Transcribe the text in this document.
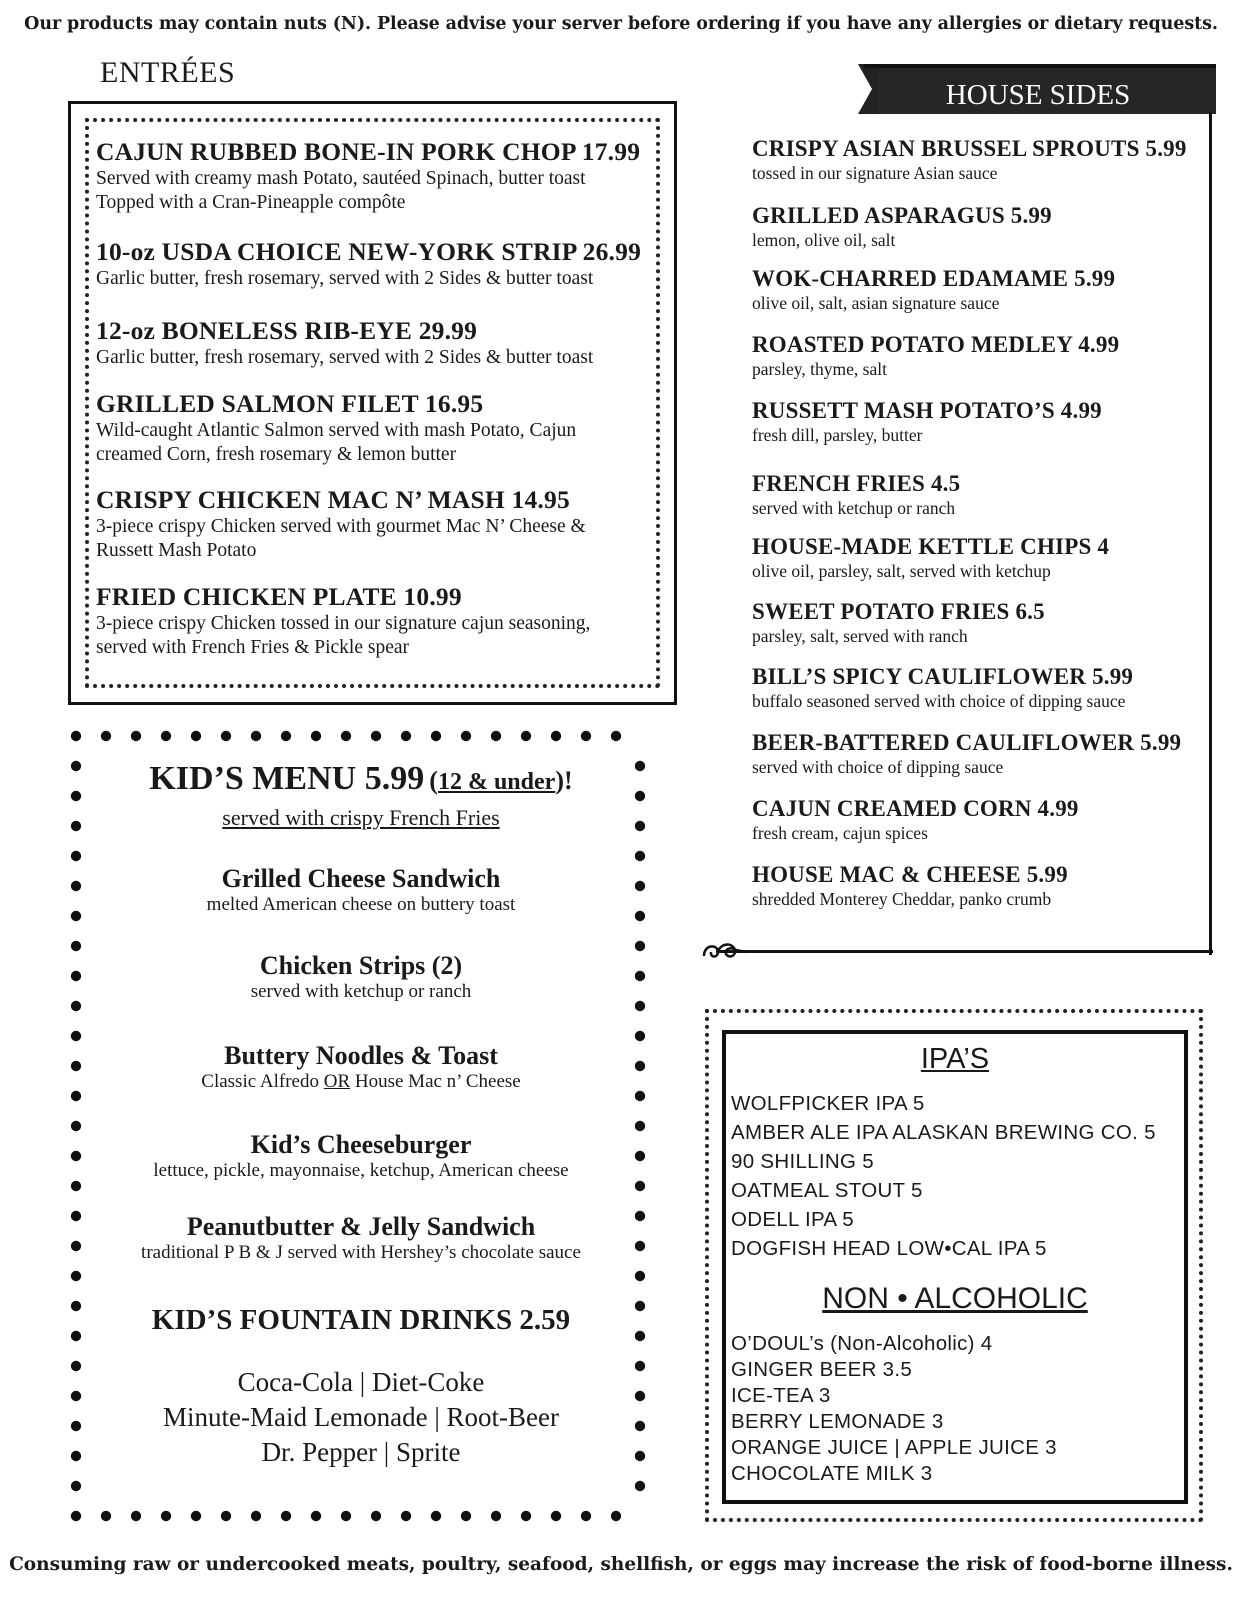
Our products may contain nuts (N). Please advise your server before ordering if you have any allergies or dietary requests.
Consuming raw or undercooked meats, poultry, seafood, shellfish, or eggs may increase the risk of food-borne illness.
ENTRÉES
CAJUN RUBBED BONE-IN PORK CHOP 17.99
Served with creamy mash Potato, sautéed Spinach, butter toast
Topped with a Cran-Pineapple compôte
10-oz USDA CHOICE NEW-YORK STRIP 26.99
Garlic butter, fresh rosemary, served with 2 Sides & butter toast
12-oz BONELESS RIB-EYE 29.99
Garlic butter, fresh rosemary, served with 2 Sides & butter toast
GRILLED SALMON FILET 16.95
Wild-caught Atlantic Salmon served with mash Potato, Cajun
creamed Corn, fresh rosemary & lemon butter
CRISPY CHICKEN MAC N’ MASH 14.95
3-piece crispy Chicken served with gourmet Mac N’ Cheese &
Russett Mash Potato
FRIED CHICKEN PLATE 10.99
3-piece crispy Chicken tossed in our signature cajun seasoning,
served with French Fries & Pickle spear
HOUSE SIDES
CRISPY ASIAN BRUSSEL SPROUTS 5.99
tossed in our signature Asian sauce
GRILLED ASPARAGUS 5.99
lemon, olive oil, salt
WOK-CHARRED EDAMAME 5.99
olive oil, salt, asian signature sauce
ROASTED POTATO MEDLEY 4.99
parsley, thyme, salt
RUSSETT MASH POTATO’S 4.99
fresh dill, parsley, butter
FRENCH FRIES 4.5
served with ketchup or ranch
HOUSE-MADE KETTLE CHIPS 4
olive oil, parsley, salt, served with ketchup
SWEET POTATO FRIES 6.5
parsley, salt, served with ranch
BILL’S SPICY CAULIFLOWER 5.99
buffalo seasoned served with choice of dipping sauce
BEER-BATTERED CAULIFLOWER 5.99
served with choice of dipping sauce
CAJUN CREAMED CORN 4.99
fresh cream, cajun spices
HOUSE MAC & CHEESE 5.99
shredded Monterey Cheddar, panko crumb
KID’S MENU 5.99 (12 & under)!
served with crispy French Fries
Grilled Cheese Sandwich
melted American cheese on buttery toast
Chicken Strips (2)
served with ketchup or ranch
Buttery Noodles & Toast
Classic Alfredo OR House Mac n’ Cheese
Kid’s Cheeseburger
lettuce, pickle, mayonnaise, ketchup, American cheese
Peanutbutter & Jelly Sandwich
traditional P B & J served with Hershey’s chocolate sauce
KID’S FOUNTAIN DRINKS 2.59
Coca-Cola | Diet-Coke
Minute-Maid Lemonade | Root-Beer
Dr. Pepper | Sprite
IPA’S
WOLFPICKER IPA 5
AMBER ALE IPA ALASKAN BREWING CO. 5
90 SHILLING 5
OATMEAL STOUT 5
ODELL IPA 5
DOGFISH HEAD LOW•CAL IPA 5
NON • ALCOHOLIC
O’DOUL’s (Non-Alcoholic) 4
GINGER BEER 3.5
ICE-TEA 3
BERRY LEMONADE 3
ORANGE JUICE | APPLE JUICE 3
CHOCOLATE MILK 3
